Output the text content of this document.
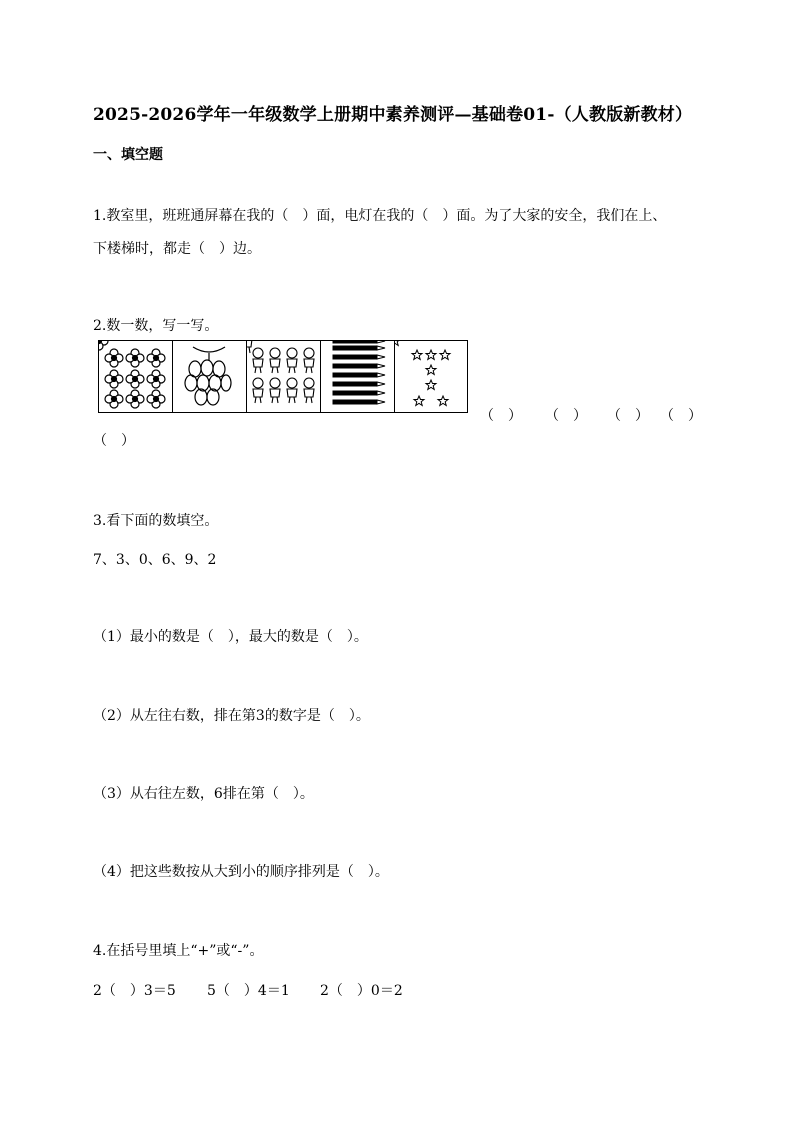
2025-2026学年一年级数学上册期中素养测评—基础卷01-（人教版新教材）
一、填空题
1.教室里，班班通屏幕在我的（　）面，电灯在我的（　）面。为了大家的安全，我们在上、
下楼梯时，都走（　）边。
2.数一数，写一写。
（　） （　） （　） （　）
（　）
3.看下面的数填空。
7、3、0、6、9、2
（1）最小的数是（　），最大的数是（　）。
（2）从左往右数，排在第3的数字是（　）。
（3）从右往左数，6排在第（　）。
（4）把这些数按从大到小的顺序排列是（　）。
4.在括号里填上“+”或“-”。
2（　）3＝5 5（　）4＝1 2（　）0＝2
